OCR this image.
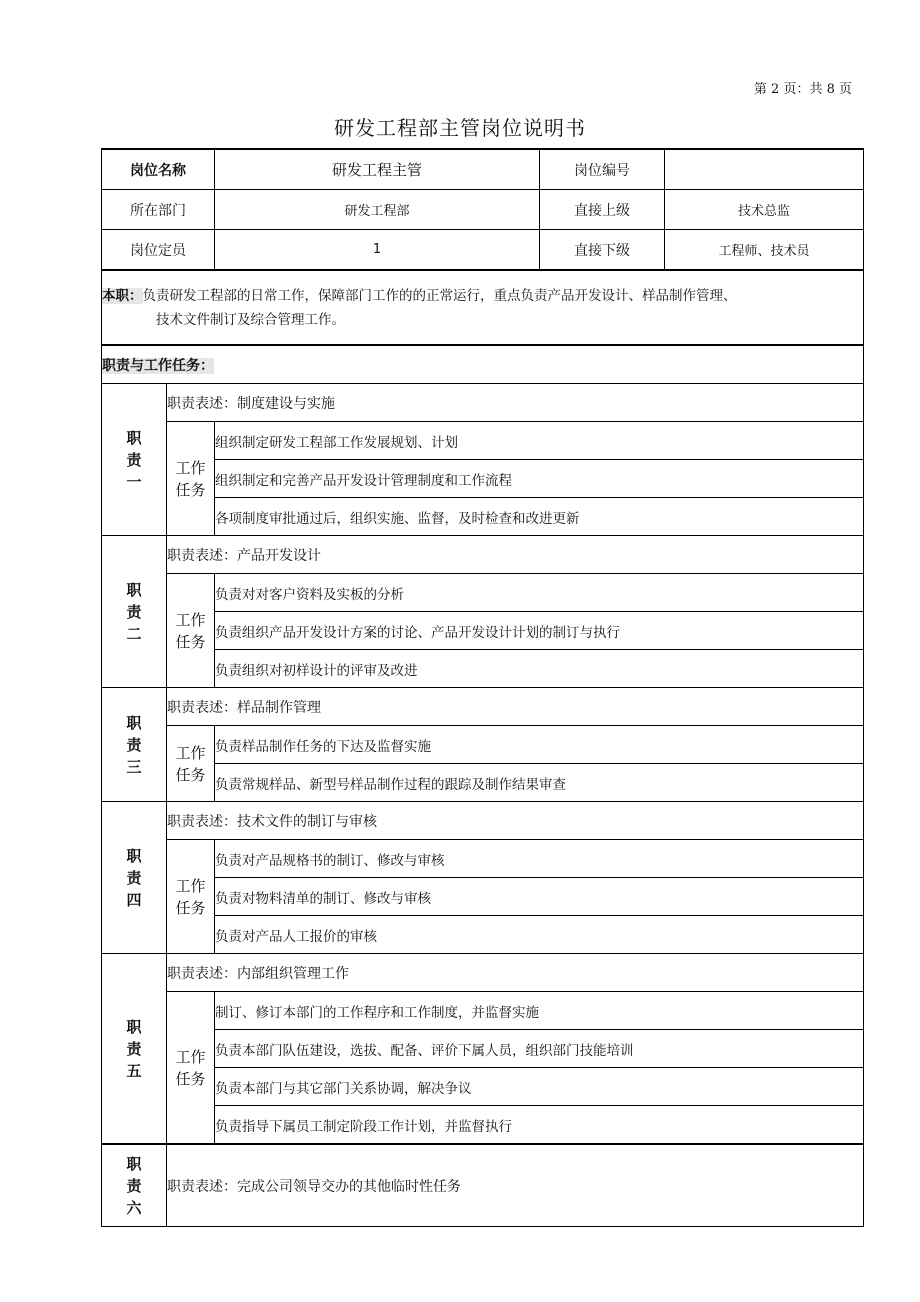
第 2 页：共 8 页
研发工程部主管岗位说明书
岗位名称		研发工程主管	岗位编号	
所在部门		研发工程部	直接上级	技术总监
岗位定员		1	直接下级	工程师、技术员
本职：负责研发工程部的日常工作，保障部门工作的的正常运行，重点负责产品开发设计、样品制作管理、
技术文件制订及综合管理工作。				

职责与工作任务：				

职
责
一	职责表述：制度建设与实施			

	工作
任务	组织制定研发工程部工作发展规划、计划		
		组织制定和完善产品开发设计管理制度和工作流程		
		各项制度审批通过后，组织实施、监督，及时检查和改进更新		

职
责
二	职责表述：产品开发设计			

	工作
任务	负责对对客户资料及实板的分析		
		负责组织产品开发设计方案的讨论、产品开发设计计划的制订与执行		
		负责组织对初样设计的评审及改进		

职
责
三	职责表述：样品制作管理			

	工作
任务	负责样品制作任务的下达及监督实施		
		负责常规样品、新型号样品制作过程的跟踪及制作结果审查		

职
责
四	职责表述：技术文件的制订与审核			

	工作
任务	负责对产品规格书的制订、修改与审核		
		负责对物料清单的制订、修改与审核		
		负责对产品人工报价的审核		

职
责
五	职责表述：内部组织管理工作			

	工作
任务	制订、修订本部门的工作程序和工作制度，并监督实施		
		负责本部门队伍建设，选拔、配备、评价下属人员，组织部门技能培训		
		负责本部门与其它部门关系协调，解决争议		
		负责指导下属员工制定阶段工作计划，并监督执行		

职
责
六	职责表述：完成公司领导交办的其他临时性任务			
